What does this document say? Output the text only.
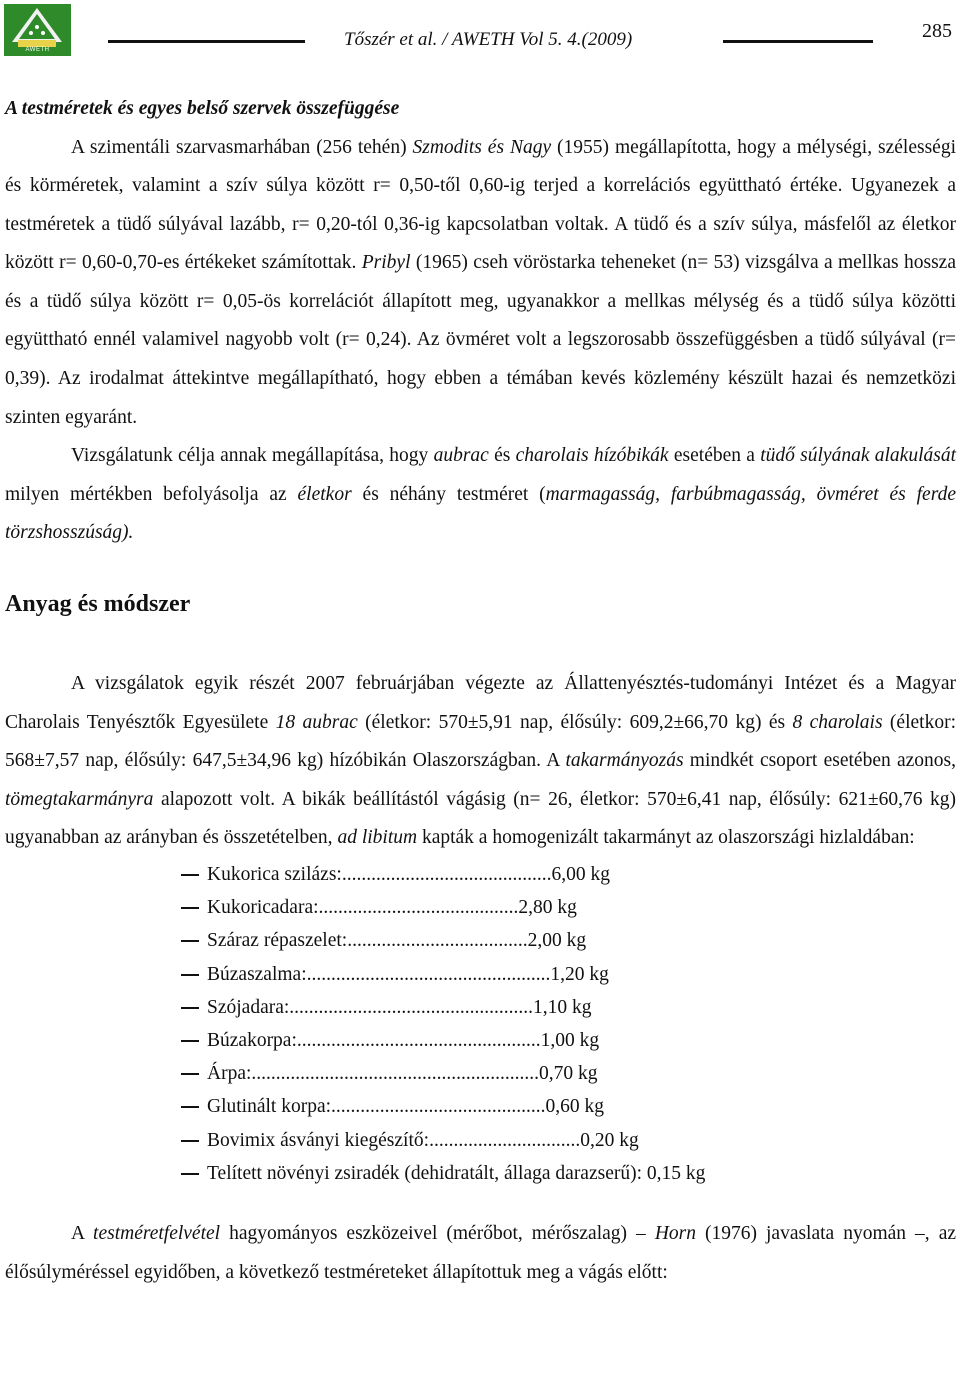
AWETH	Tőszér et al. / AWETH Vol 5. 4.(2009)	285
A testméretek és egyes belső szervek összefüggése

A szimentáli szarvasmarhában (256 tehén) Szmodits és Nagy (1955) megállapította, hogy a mélységi, szélességi és körméretek, valamint a szív súlya között r= 0,50-től 0,60-ig terjed a korrelációs együttható értéke. Ugyanezek a testméretek a tüdő súlyával lazább, r= 0,20-tól 0,36-ig kapcsolatban voltak. A tüdő és a szív súlya, másfelől az életkor között r= 0,60-0,70-es értékeket számítottak. Pribyl (1965) cseh vöröstarka teheneket (n= 53) vizsgálva a mellkas hossza és a tüdő súlya között r= 0,05-ös korrelációt állapított meg, ugyanakkor a mellkas mélység és a tüdő súlya közötti együttható ennél valamivel nagyobb volt (r= 0,24). Az övméret volt a legszorosabb összefüggésben a tüdő súlyával (r= 0,39). Az irodalmat áttekintve megállapítható, hogy ebben a témában kevés közlemény készült hazai és nemzetközi szinten egyaránt.

Vizsgálatunk célja annak megállapítása, hogy aubrac és charolais hízóbikák esetében a tüdő súlyának alakulását milyen mértékben befolyásolja az életkor és néhány testméret (marmagasság, farbúbmagasság, övméret és ferde törzshosszúság).

Anyag és módszer

A vizsgálatok egyik részét 2007 februárjában végezte az Állattenyésztés-tudományi Intézet és a Magyar Charolais Tenyésztők Egyesülete 18 aubrac (életkor: 570±5,91 nap, élősúly: 609,2±66,70 kg) és 8 charolais (életkor: 568±7,57 nap, élősúly: 647,5±34,96 kg) hízóbikán Olaszországban. A takarmányozás mindkét csoport esetében azonos, tömegtakarmányra alapozott volt. A bikák beállítástól vágásig (n= 26, életkor: 570±6,41 nap, élősúly: 621±60,76 kg) ugyanabban az arányban és összetételben, ad libitum kapták a homogenizált takarmányt az olaszországi hizlaldában:

Kukorica szilázs:...........................................6,00 kg
Kukoricadara:.........................................2,80 kg
Száraz répaszelet:.....................................2,00 kg
Búzaszalma:..................................................1,20 kg
Szójadara:..................................................1,10 kg
Búzakorpa:..................................................1,00 kg
Árpa:...........................................................0,70 kg
Glutinált korpa:............................................0,60 kg
Bovimix ásványi kiegészítő:...............................0,20 kg
Telített növényi zsiradék (dehidratált, állaga darazserű): 0,15 kg

A testméretfelvétel hagyományos eszközeivel (mérőbot, mérőszalag) – Horn (1976) javaslata nyomán –, az élősúlyméréssel egyidőben, a következő testméreteket állapítottuk meg a vágás előtt:
